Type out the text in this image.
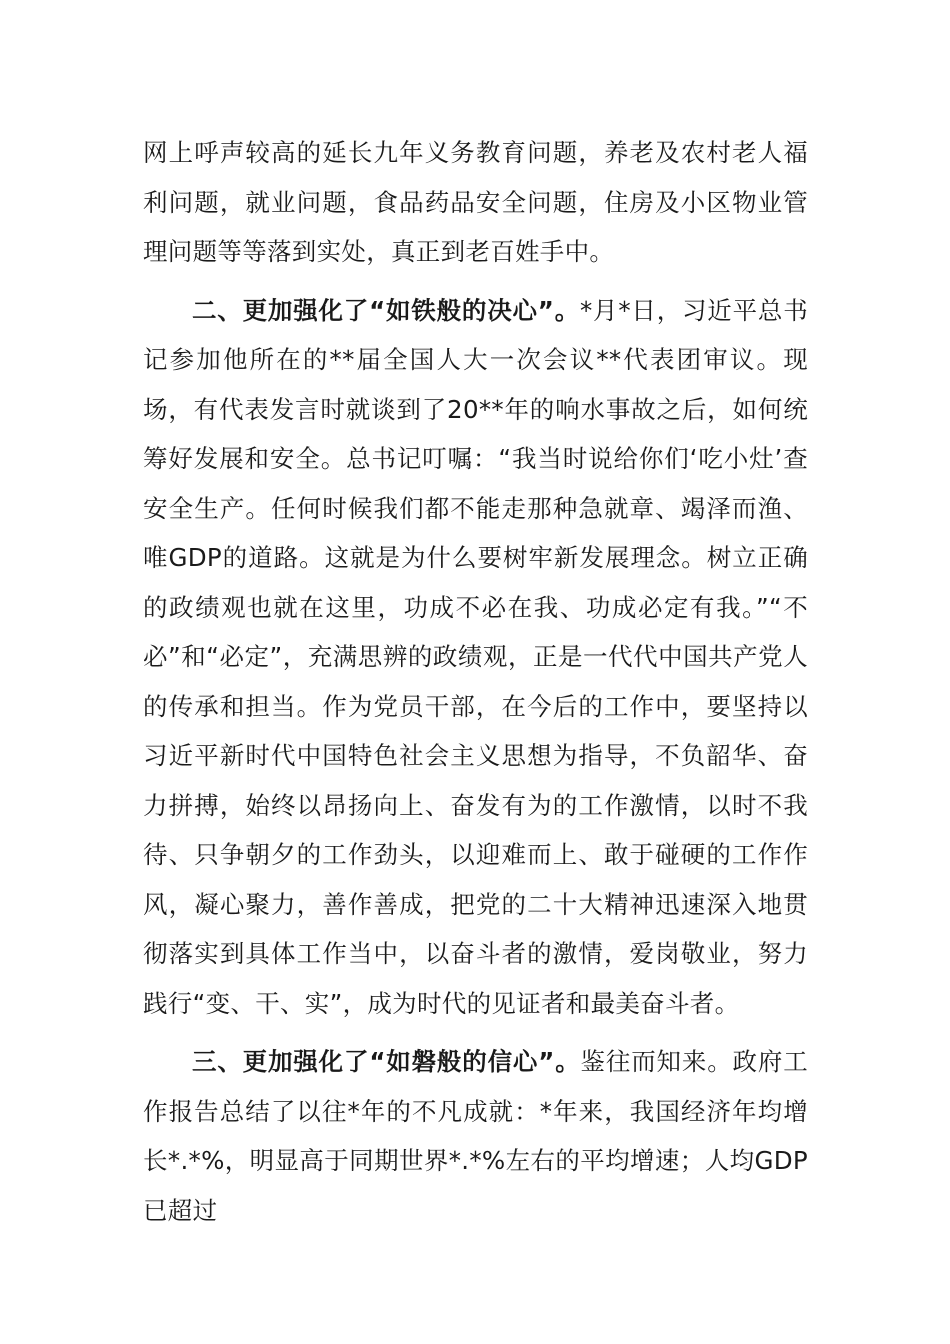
网上呼声较高的延长九年义务教育问题，养老及农村老人福利问题，就业问题，食品药品安全问题，住房及小区物业管理问题等等落到实处，真正到老百姓手中。

二、更加强化了“如铁般的决心”。*月*日，习近平总书记参加他所在的**届全国人大一次会议**代表团审议。现场，有代表发言时就谈到了20**年的响水事故之后，如何统筹好发展和安全。总书记叮嘱：“我当时说给你们‘吃小灶’查安全生产。任何时候我们都不能走那种急就章、竭泽而渔、唯GDP的道路。这就是为什么要树牢新发展理念。树立正确的政绩观也就在这里，功成不必在我、功成必定有我。”“不必”和“必定”，充满思辨的政绩观，正是一代代中国共产党人的传承和担当。作为党员干部，在今后的工作中，要坚持以习近平新时代中国特色社会主义思想为指导，不负韶华、奋力拼搏，始终以昂扬向上、奋发有为的工作激情，以时不我待、只争朝夕的工作劲头，以迎难而上、敢于碰硬的工作作风，凝心聚力，善作善成，把党的二十大精神迅速深入地贯彻落实到具体工作当中，以奋斗者的激情，爱岗敬业，努力践行“变、干、实”，成为时代的见证者和最美奋斗者。

三、更加强化了“如磐般的信心”。鉴往而知来。政府工作报告总结了以往*年的不凡成就：*年来，我国经济年均增长*.*%，明显高于同期世界*.*%左右的平均增速；人均GDP已超过
